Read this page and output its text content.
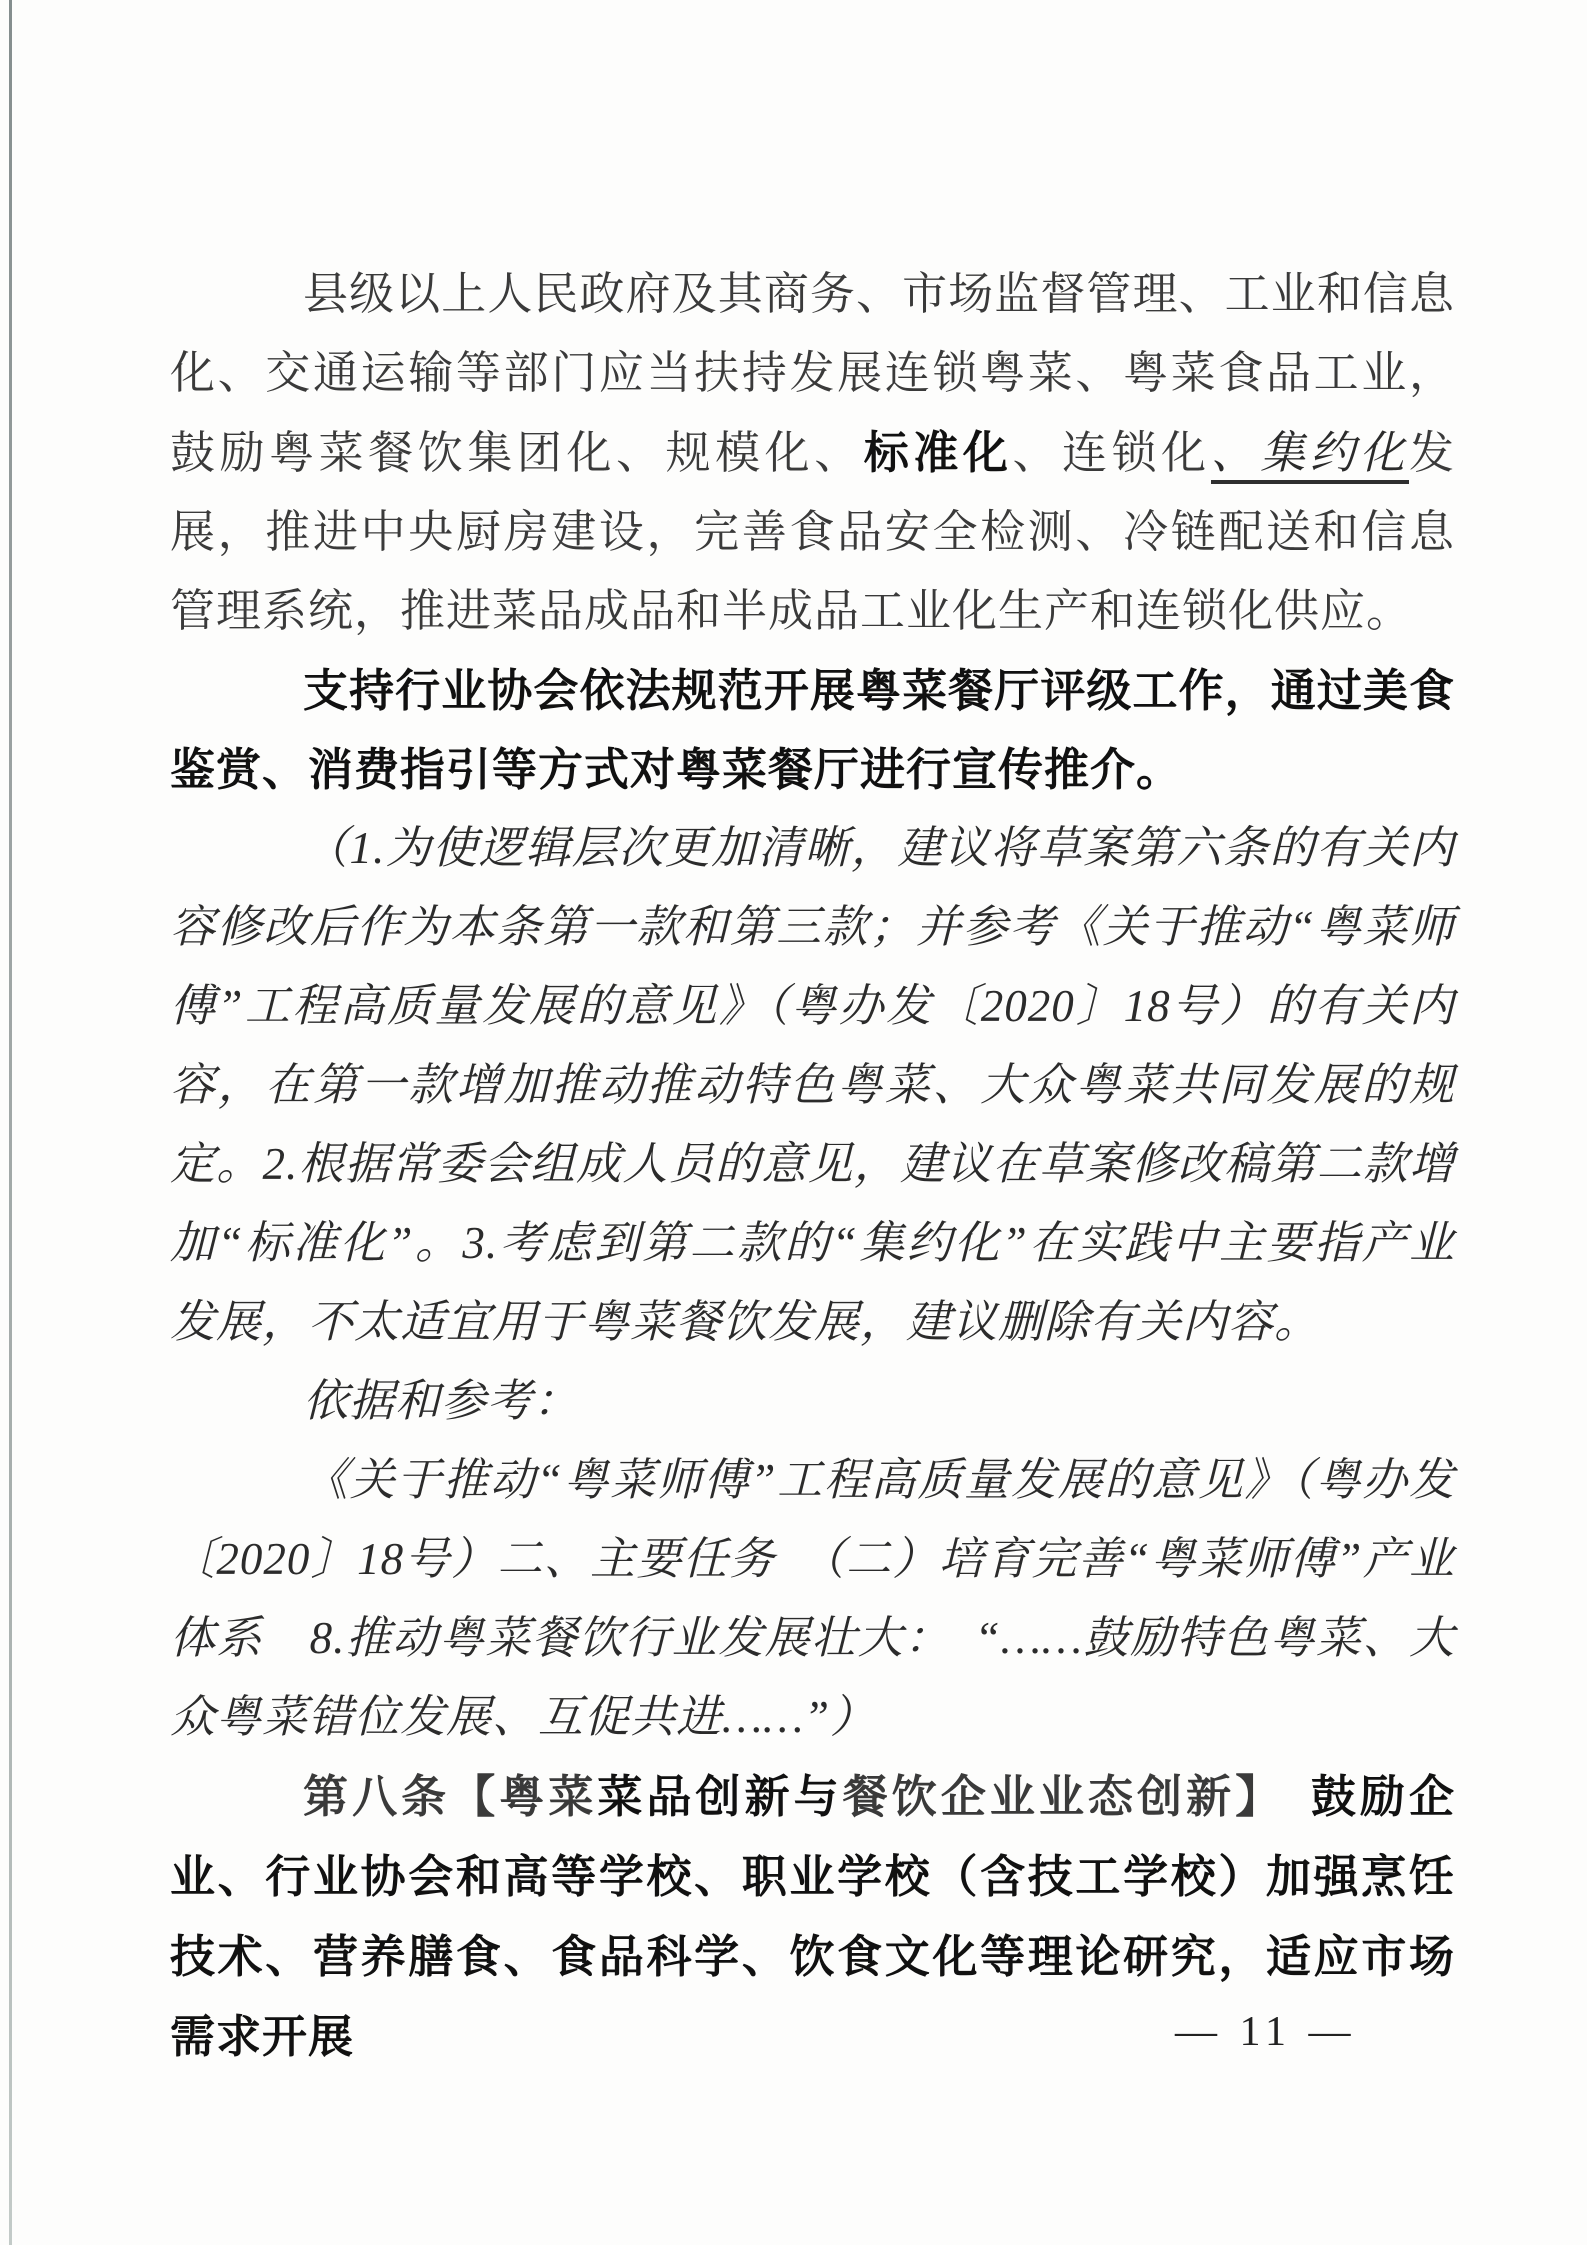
县级以上人民政府及其商务、市场监督管理、工业和信息化、交通运输等部门应当扶持发展连锁粤菜、粤菜食品工业，鼓励粤菜餐饮集团化、规模化、标准化、连锁化、集约化发展，推进中央厨房建设，完善食品安全检测、冷链配送和信息管理系统，推进菜品成品和半成品工业化生产和连锁化供应。

支持行业协会依法规范开展粤菜餐厅评级工作，通过美食鉴赏、消费指引等方式对粤菜餐厅进行宣传推介。

（1.为使逻辑层次更加清晰，建议将草案第六条的有关内容修改后作为本条第一款和第三款；并参考《关于推动“粤菜师傅”工程高质量发展的意见》（粤办发〔2020〕18号）的有关内容，在第一款增加推动推动特色粤菜、大众粤菜共同发展的规定。2.根据常委会组成人员的意见，建议在草案修改稿第二款增加“标准化”。3.考虑到第二款的“集约化”在实践中主要指产业发展，不太适宜用于粤菜餐饮发展，建议删除有关内容。

依据和参考：

《关于推动“粤菜师傅”工程高质量发展的意见》（粤办发〔2020〕18号）二、主要任务　（二）培育完善“粤菜师傅”产业体系　8.推动粤菜餐饮行业发展壮大：　“……鼓励特色粤菜、大众粤菜错位发展、互促共进……”）

第八条【粤菜菜品创新与餐饮企业业态创新】　鼓励企业、行业协会和高等学校、职业学校（含技工学校）加强烹饪技术、营养膳食、食品科学、饮食文化等理论研究，适应市场需求开展	— 11 —
